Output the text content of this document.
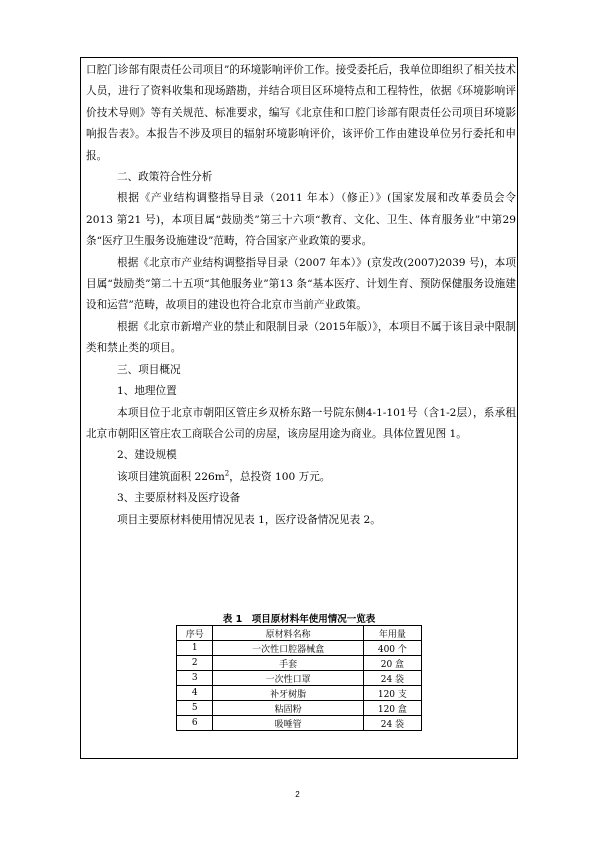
口腔门诊部有限责任公司项目”的环境影响评价工作。接受委托后，我单位即组织了相关技术人员，进行了资料收集和现场踏勘，并结合项目区环境特点和工程特性，依据《环境影响评价技术导则》等有关规范、标准要求，编写《北京佳和口腔门诊部有限责任公司项目环境影响报告表》。本报告不涉及项目的辐射环境影响评价，该评价工作由建设单位另行委托和申报。

二、政策符合性分析

根据《产业结构调整指导目录（2011 年本）（修正）》(国家发展和改革委员会令2013 第21 号)，本项目属“鼓励类”第三十六项“教育、文化、卫生、体育服务业”中第29 条“医疗卫生服务设施建设”范畴，符合国家产业政策的要求。

根据《北京市产业结构调整指导目录（2007 年本）》(京发改(2007)2039 号)，本项目属“鼓励类”第二十五项“其他服务业”第13 条“基本医疗、计划生育、预防保健服务设施建设和运营”范畴，故项目的建设也符合北京市当前产业政策。

根据《北京市新增产业的禁止和限制目录（2015年版）》，本项目不属于该目录中限制类和禁止类的项目。

三、项目概况

1、地理位置

本项目位于北京市朝阳区管庄乡双桥东路一号院东侧4-1-101号（含1-2层），系承租北京市朝阳区管庄农工商联合公司的房屋，该房屋用途为商业。具体位置见图 1。

2、建设规模

该项目建筑面积 $226m^2$，总投资 100 万元。

3、主要原材料及医疗设备

项目主要原材料使用情况见表 1，医疗设备情况见表 2。

表 1　项目原材料年使用情况一览表
序号	原材料名称	年用量
1	一次性口腔器械盒	400 个
2	手套	20 盒
3	一次性口罩	24 袋
4	补牙树脂	120 支
5	粘固粉	120 盒
6	吸唾管	24 袋
2
